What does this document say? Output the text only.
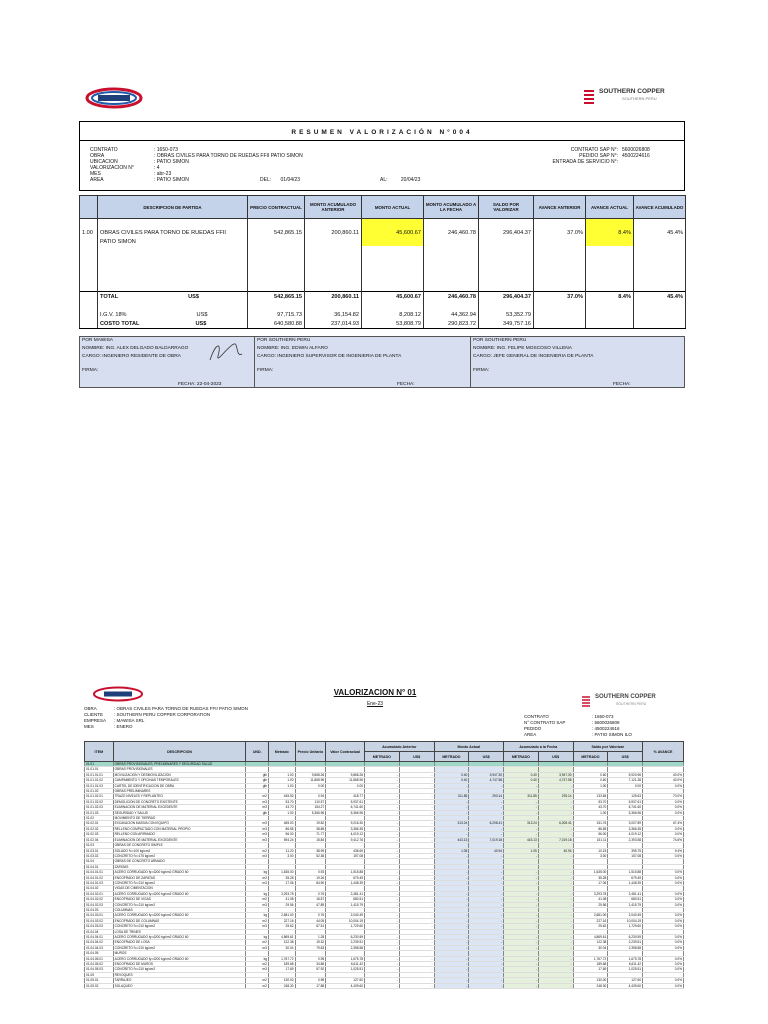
SOUTHERN COPPER
SOUTHERN PERU
RESUMEN VALORIZACIÓN N°004
CONTRATO
OBRA
UBICACION
VALORIZACION N°
MES
AREA
: 1650-073
: OBRAS CIVILES PARA TORNO DE RUEDAS FFII PATIO SIMON
: PATIO SIMON
: 4
: abr-23
: PATIO SIMON	DEL: 01/04/23	AL:	20/04/23
CONTRATO SAP N°:
PEDIDO SAP N°:
ENTRADA DE SERVICIO N°:
5600026808
4500224616
	DESCRIPCION DE PARTIDA	PRECIO CONTRACTUAL	MONTO ACUMULADO ANTERIOR	MONTO ACTUAL	MONTO ACUMULADO A LA FECHA	SALDO POR VALORIZAR	AVANCE ANTERIOR	AVANCE ACTUAL	AVANCE ACUMULADO

1.00	OBRAS CIVILES PARA TORNO DE RUEDAS FFII	542,865.15	200,860.11	45,600.67	246,460.78	296,404.37	37.0%	8.4%	45.4%
	PATIO SIMON								

	TOTAL US$	542,865.15	200,860.11	45,600.67	246,460.78	296,404.37	37.0%	8.4%	45.4%

	I.G.V. 18% US$	97,715.73	36,154.82	8,208.12	44,362.94	53,352.79			
	COSTO TOTAL US$	640,580.88	237,014.93	53,808.79	290,823.72	349,757.16			
POR MAWISA
NOMBRE: ING. ALEX DELGADO BALDARRAGO
CARGO: INGENIERO RESIDENTE DE OBRA
FIRMA:
FECHA: 22-04-2023
POR SOUTHERN PERU
NOMBRE: ING. EDWIN ALFARO
CARGO: INGENIERO SUPERVISOR DE INGENIERIA DE PLANTA
FIRMA:
FECHA:
POR SOUTHERN PERU
NOMBRE: ING. FELIPE MOSCOSO VILLENA
CARGO: JEFE GENERAL DE INGENIERIA DE PLANTA
FIRMA:
FECHA:
VALORIZACION N° 01
Ene-23
SOUTHERN COPPER
SOUTHERN PERU
OBRA
CLIENTE
EMPRESA
MES
: OBRAS CIVILES PARA TORNO DE RUEDAS FFII PATIO SIMON
: SOUTHERN PERU COPPER CORPORATION
: MAWISA SRL
: ENERO
CONTRATO
N° CONTRATO SAP
PEDIDO
AREA
: 1650-073
: 5600026808
: 4500224616
: PATIO SIMON ILO
ITEM	DESCRIPCION	UND.	Metrado	Precio Unitario	Valor Contractual	Acumulado Anterior		Monto Actual		Acumulado a la Fecha		Saldo por Valorizar		% AVANCE
						METRADO	US$	METRADO	US$	METRADO	US$	METRADO	US$	
01.01	OBRAS PROVISIONALES, PRELIMINARES Y SEGURIDAD SALUD													
01.01.01	OBRAS PROVISIONALES													
01.01.01.01	MOVILIZACION Y DESMOVILIZACION	glb	1.00	9,868.26	9,868.26	-	-	0.40	3,947.30	0.40	3,947.30	0.60	5,920.96	40.0%
01.01.01.02	CAMPAMENTO Y OFICINAS TEMPORALES	glb	1.00	11,868.96	11,868.96	-	-	0.40	4,747.58	0.40	4,747.58	0.60	7,121.38	40.0%
01.01.01.03	CARTEL DE IDENTIFICACION DE OBRA	glb	1.00	0.00	0.00	-	-	-	-	-	-	1.00	0.00	0.0%
01.01.02	OBRAS PRELIMINARES													
01.01.02.01	TRAZO NIVELES Y REPLANTEO	m2	445.50	0.94	418.77	-	-	311.85	293.14	311.85	293.14	133.65	125.63	70.0%
01.01.02.02	DEMOLICION DE CONCRETO EXISTENTE	m3	53.70	110.57	5,937.61	-	-	-	-	-	-	53.70	5,937.61	0.0%
01.01.02.03	ELIMINACION DE MATERIAL EXCEDENTE	m3	43.70	154.27	6,741.60	-	-	-	-	-	-	43.70	6,741.60	0.0%
01.01.03	SEGURIDAD Y SALUD	glb	1.00	5,366.96	5,366.96	-	-	-	-	-	-	1.00	5,366.96	0.0%
01.02	MOVIMIENTO DE TIERRAS													
01.02.01	EXCAVACION MASIVA CON EQUIPO	m3	465.00	19.82	9,216.30	-	-	313.24	6,208.41	313.24	6,208.41	151.76	3,007.89	67.4%
01.02.02	RELLENO COMPACTADO CON MATERIAL PROPIO	m3	86.65	38.85	3,366.35	-	-	-	-	-	-	86.65	3,366.35	0.0%
01.02.03	RELLENO CON AFIRMADO	m3	56.00	71.77	4,019.12	-	-	-	-	-	-	56.00	4,019.12	0.0%
01.02.04	ELIMINACION DE MATERIAL EXCEDENTE	m3	594.24	15.84	9,412.76	-	-	443.13	7,019.18	443.13	7,019.18	151.11	2,393.58	74.6%
01.03	OBRAS DE CONCRETO SIMPLE													
01.03.01	SOLADO f'c=100 kg/cm2	m2	11.20	38.99	436.69	-	-	1.05	40.94	1.05	40.94	10.15	395.75	9.4%
01.03.02	CONCRETO f'c=175 kg/cm2	m3	3.00	52.36	157.08	-	-	-	-	-	-	3.00	157.08	0.0%
01.04	OBRAS DE CONCRETO ARMADO													
01.04.01	ZAPATAS													
01.04.01.01	ACERO CORRUGADO fy=4200 kg/cm2 GRADO 60	kg	1,635.00	0.93	1,515.88	-	-	-	-	-	-	1,635.00	1,515.88	0.0%
01.04.01.02	ENCOFRADO DE ZAPATAS	m2	35.28	19.26	679.49	-	-	-	-	-	-	35.28	679.49	0.0%
01.04.01.03	CONCRETO f'c=210 kg/cm2	m3	17.06	84.90	1,448.39	-	-	-	-	-	-	17.06	1,448.39	0.0%
01.04.02	VIGAS DE CIMENTACION													
01.04.02.01	ACERO CORRUGADO fy=4200 kg/cm2 GRADO 60	kg	3,293.78	0.76	2,481.41	-	-	-	-	-	-	3,293.78	2,481.41	0.0%
01.04.02.02	ENCOFRADO DE VIGAS	m2	41.08	16.57	680.51	-	-	-	-	-	-	41.08	680.51	0.0%
01.04.02.03	CONCRETO f'c=210 kg/cm2	m3	29.56	47.89	1,415.79	-	-	-	-	-	-	29.56	1,415.79	0.0%
01.04.03	COLUMNAS													
01.04.03.01	ACERO CORRUGADO fy=4200 kg/cm2 GRADO 60	kg	2,681.00	0.76	2,040.49	-	-	-	-	-	-	2,681.00	2,040.49	0.0%
01.04.03.02	ENCOFRADO DE COLUMNAS	m2	227.16	44.05	10,004.19	-	-	-	-	-	-	227.16	10,004.19	0.0%
01.04.03.03	CONCRETO f'c=210 kg/cm2	m3	25.62	67.51	1,729.60	-	-	-	-	-	-	25.62	1,729.60	0.0%
01.04.04	LOSA DE TRINES													
01.04.04.01	ACERO CORRUGADO fy=4200 kg/cm2 GRADO 60	kg	4,869.61	1.28	6,230.59	-	-	-	-	-	-	4,869.61	6,230.59	0.0%
01.04.04.02	ENCOFRADO DE LOSA	m2	122.38	19.32	2,239.51	-	-	-	-	-	-	122.38	2,239.51	0.0%
01.04.04.03	CONCRETO f'c=210 kg/cm2	m3	30.04	79.83	2,398.58	-	-	-	-	-	-	30.04	2,398.58	0.0%
01.04.05	MUROS													
01.04.05.01	ACERO CORRUGADO fy=4200 kg/cm2 GRADO 60	kg	1,767.72	0.95	1,675.78	-	-	-	-	-	-	1,767.72	1,675.78	0.0%
01.04.05.02	ENCOFRADO DE MUROS	m2	189.68	34.86	6,611.42	-	-	-	-	-	-	189.68	6,611.42	0.0%
01.04.05.03	CONCRETO f'c=210 kg/cm2	m3	17.69	57.92	1,025.51	-	-	-	-	-	-	17.69	1,025.51	0.0%
01.05	REVOQUES													
01.05.01	TARRAJEO	m2	130.00	0.98	127.60	-	-	-	-	-	-	130.00	127.60	0.0%
01.05.02	SOLAQUEO	m2	248.30	17.88	4,439.60	-	-	-	-	-	-	248.30	4,439.60	0.0%
